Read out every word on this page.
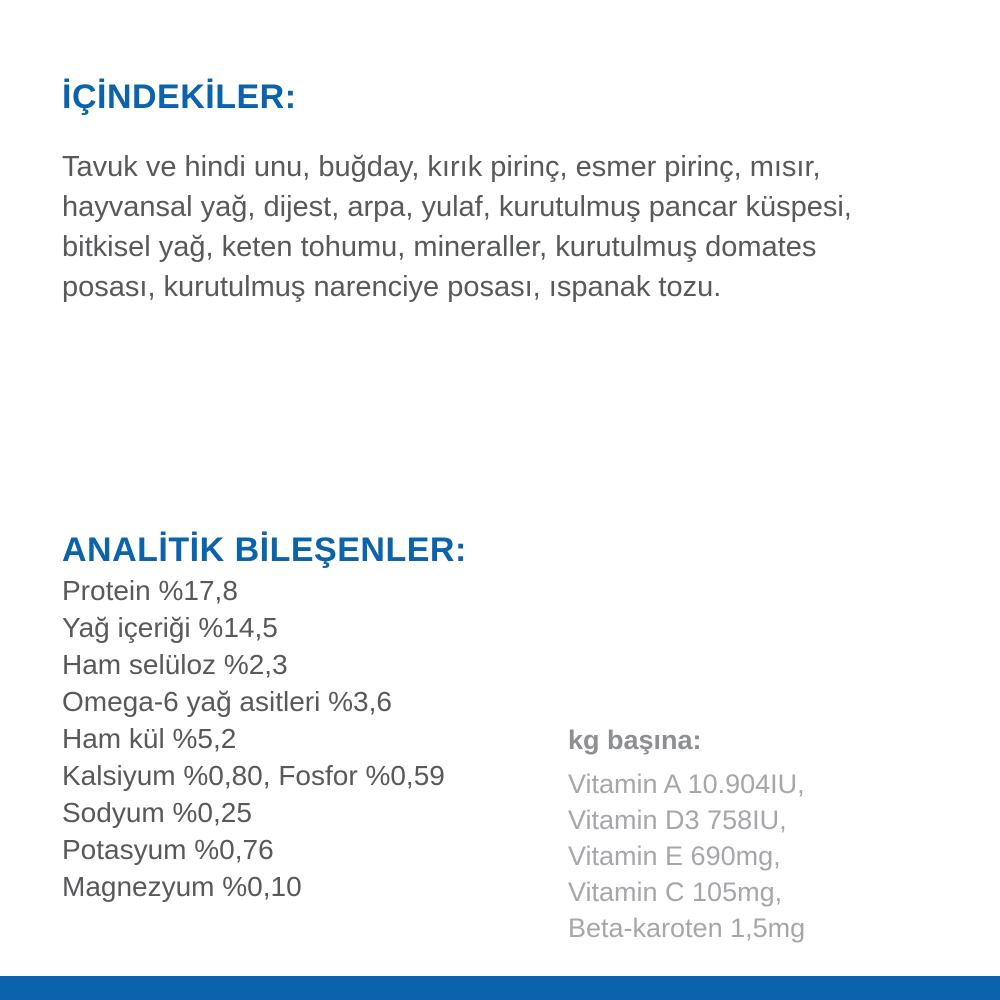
İÇİNDEKİLER:

Tavuk ve hindi unu, buğday, kırık pirinç, esmer pirinç, mısır, hayvansal yağ, dijest, arpa, yulaf, kurutulmuş pancar küspesi, bitkisel yağ, keten tohumu, mineraller, kurutulmuş domates posası, kurutulmuş narenciye posası, ıspanak tozu.

ANALİTİK BİLEŞENLER:
Protein %17,8
Yağ içeriği %14,5
Ham selüloz %2,3
Omega-6 yağ asitleri %3,6
Ham kül %5,2
Kalsiyum %0,80, Fosfor %0,59
Sodyum %0,25
Potasyum %0,76
Magnezyum %0,10
kg başına:
Vitamin A 10.904IU,
Vitamin D3 758IU,
Vitamin E 690mg,
Vitamin C 105mg,
Beta-karoten 1,5mg
